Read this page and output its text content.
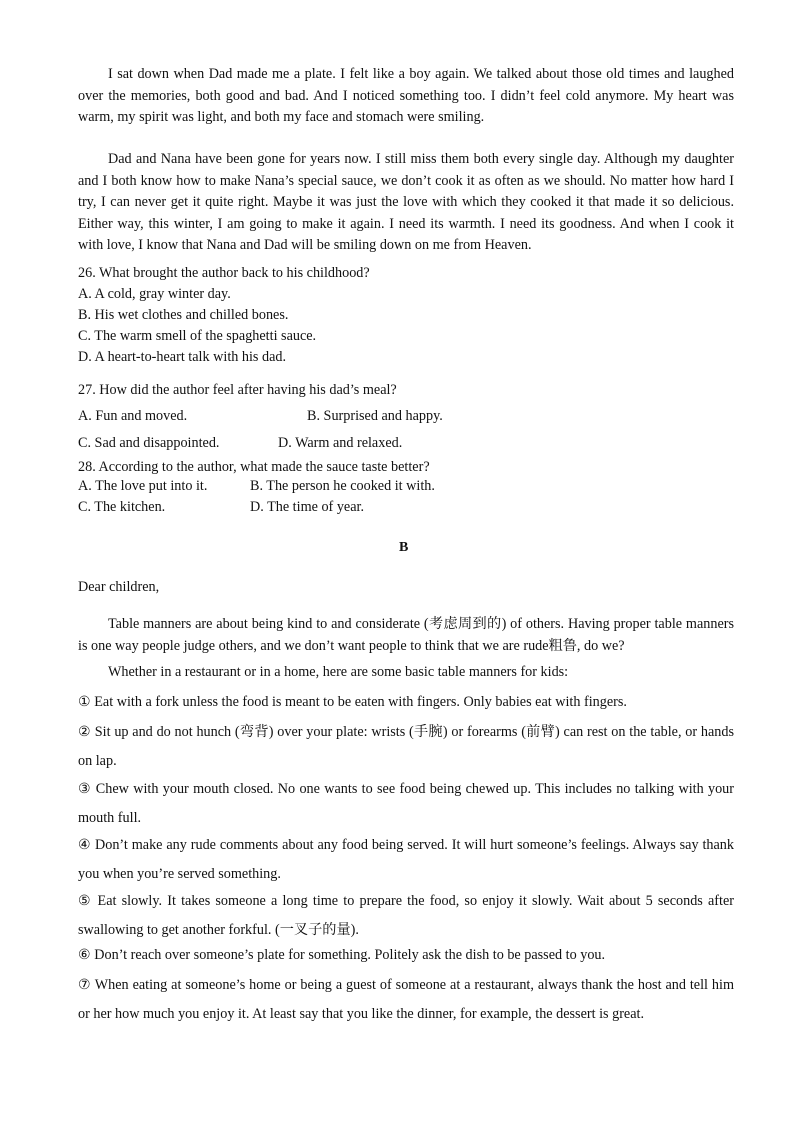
I sat down when Dad made me a plate. I felt like a boy again. We talked about those old times and laughed over the memories, both good and bad. And I noticed something too. I didn’t feel cold anymore. My heart was warm, my spirit was light, and both my face and stomach were smiling.

Dad and Nana have been gone for years now. I still miss them both every single day. Although my daughter and I both know how to make Nana’s special sauce, we don’t cook it as often as we should. No matter how hard I try, I can never get it quite right. Maybe it was just the love with which they cooked it that made it so delicious. Either way, this winter, I am going to make it again. I need its warmth. I need its goodness. And when I cook it with love, I know that Nana and Dad will be smiling down on me from Heaven.

26. What brought the author back to his childhood?

A. A cold, gray winter day.

B. His wet clothes and chilled bones.

C. The warm smell of the spaghetti sauce.

D. A heart-to-heart talk with his dad.

27. How did the author feel after having his dad’s meal?

A. Fun and moved.	B. Surprised and happy.
C. Sad and disappointed.	D. Warm and relaxed.

28. According to the author, what made the sauce taste better?

A. The love put into it.	B. The person he cooked it with.
C. The kitchen.	D. The time of year.
B

Dear children,

Table manners are about being kind to and considerate (考虑周到的) of others. Having proper table manners is one way people judge others, and we don’t want people to think that we are rude粗鲁, do we?

Whether in a restaurant or in a home, here are some basic table manners for kids:

① Eat with a fork unless the food is meant to be eaten with fingers. Only babies eat with fingers.

② Sit up and do not hunch (弯背) over your plate: wrists (手腕) or forearms (前臂) can rest on the table, or hands on lap.

③ Chew with your mouth closed. No one wants to see food being chewed up. This includes no talking with your mouth full.

④ Don’t make any rude comments about any food being served. It will hurt someone’s feelings. Always say thank you when you’re served something.

⑤ Eat slowly. It takes someone a long time to prepare the food, so enjoy it slowly. Wait about 5 seconds after swallowing to get another forkful. (一叉子的量).

⑥ Don’t reach over someone’s plate for something. Politely ask the dish to be passed to you.

⑦ When eating at someone’s home or being a guest of someone at a restaurant, always thank the host and tell him or her how much you enjoy it. At least say that you like the dinner, for example, the dessert is great.
